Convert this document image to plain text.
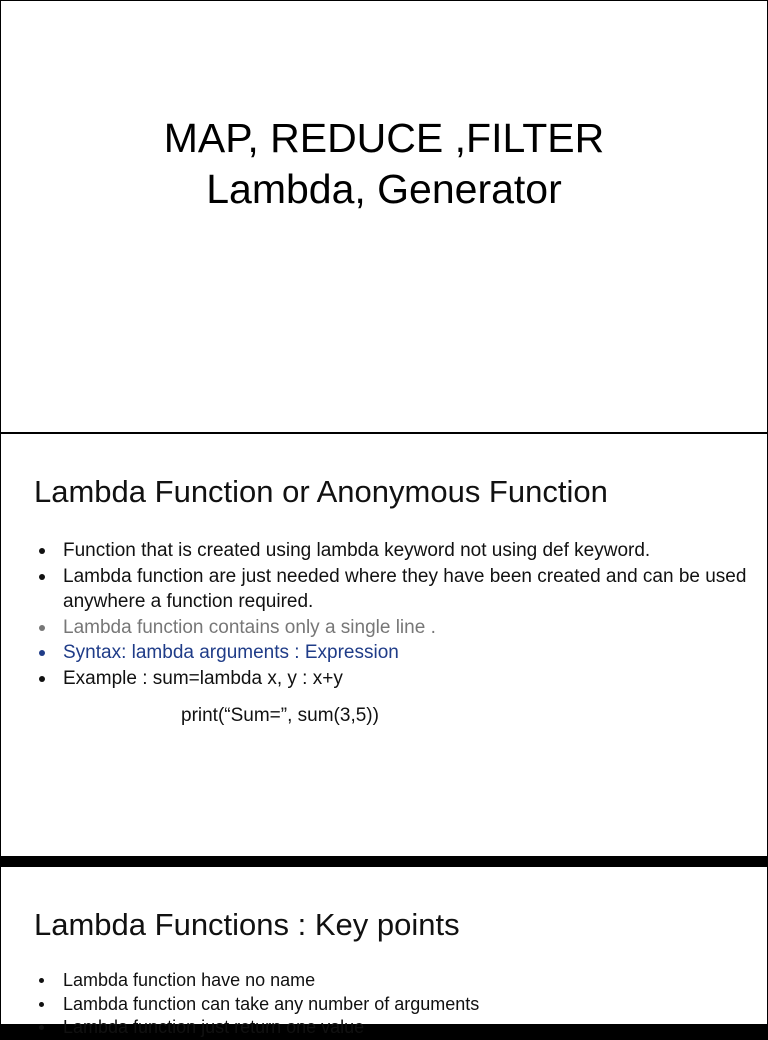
MAP, REDUCE ,FILTER
Lambda, Generator
Lambda Function or Anonymous Function
Function that is created using lambda keyword not using def keyword.
Lambda function are just needed where they have been created and can be used anywhere a function required.
Lambda function contains only a single line .
Syntax: lambda arguments : Expression
Example : sum=lambda x, y : x+y
print(“Sum=”, sum(3,5))
Lambda Functions : Key points
Lambda function have no name
Lambda function can take any number of arguments
Lambda function just return one value
